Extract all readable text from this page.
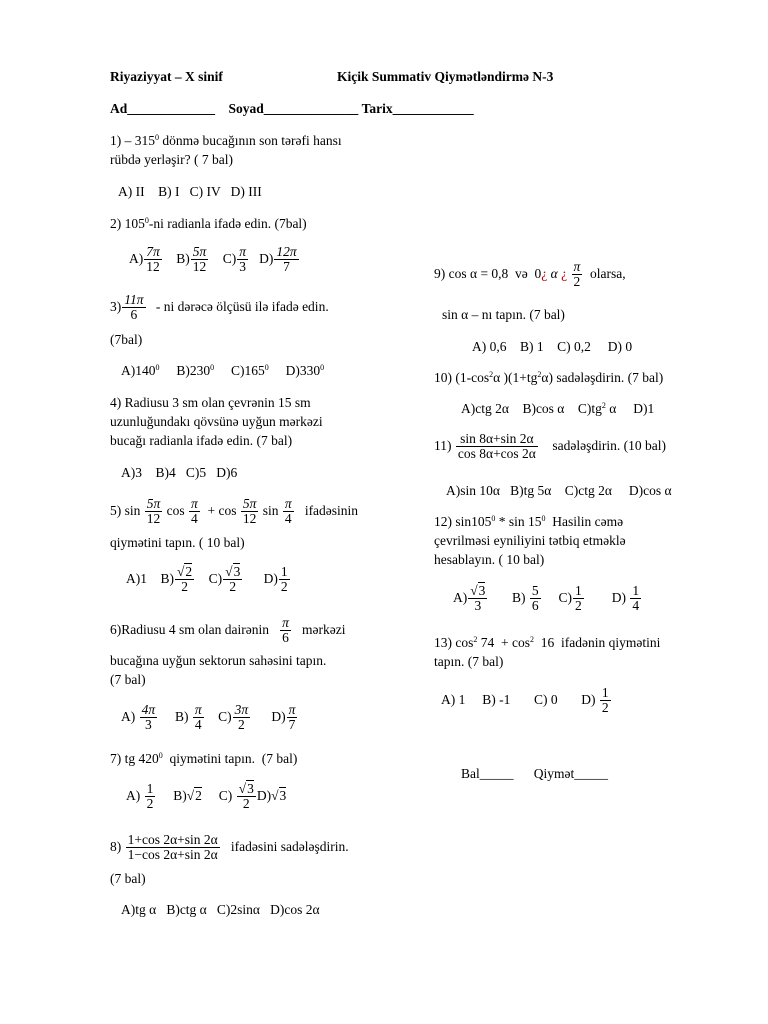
Riyaziyyat – X sinif	Kiçik Summativ Qiymətləndirmə N-3
Ad_____________ Soyad______________ Tarix____________
$1) - 315^0$ dönmə bucağının son tərəfi hansı
rübdə yerləşir? ( 7 bal)
A) II    B) I   C) IV   D) III
2) $105^0-ni$ radianla ifadə edin. (7bal)
$A) \frac{7\pi}{12} B) \frac{5\pi}{12} C) \frac{\pi}{3} D) \frac{12\pi}{7}$
$3) \frac{11\pi}{6}$ - ni dərəcə ölçüsü ilə ifadə edin.
(7bal)
$A)140^0$ $B)230^0$ $C)165^0$ $D)330^0$
4) Radiusu 3 sm olan çevrənin 15 sm
uzunluğundakı qövsünə uyğun mərkəzi
bucağı radianla ifadə edin. (7 bal)
A)3    B)4   C)5   D)6
5) $\sin \frac{5\pi}{12}$ $\cos \frac{\pi}{4} + \cos \frac{5\pi}{12}$ $\sin \frac{\pi}{4}$ ifadəsinin
qiymətini tapın. ( 10 bal)
A)1 $B) \frac{√2}{2} C) \frac{√3}{2} D) \frac{1}{2}$
6)Radiusu 4 sm olan dairənin $\frac{\pi}{6}$ mərkəzi
bucağına uyğun sektorun sahəsini tapın.
(7 bal)
$A) \frac{4\pi}{3} B) \frac{\pi}{4} C) \frac{3\pi}{2} D) \frac{\pi}{7}$
7) tg $420^0$  qiymətini tapın.  (7 bal)
$A) \frac{1}{2} B)√2$ $C) \frac{√3}{2} D)√3$
$8) \frac{1+\cos 2\alpha+\sin 2\alpha}{1-\cos 2\alpha+\sin 2\alpha}$ ifadəsini sadələşdirin.
(7 bal)
A)tg α   B)ctg α   C)2sinα   D)cos 2α
9) cos α = 0,8  və  0¿ α ¿ $\frac{\pi}{2}$ olarsa,
sin α – nı tapın. (7 bal)
A) 0,6    B) 1    C) 0,2     D) 0
10) ($1-\cos^2\alpha$ )$(1+tg^2\alpha)$ sadələşdirin. (7 bal)
A)ctg 2α B)cos α $C)tg^2$ α D)1
$11) \frac{\sin 8\alpha+\sin 2\alpha}{\cos 8\alpha+\cos 2\alpha}$ sadələşdirin. (10 bal)
A)sin 10α   B)tg 5α    C)ctg 2α     D)cos α
12) $\sin 105^0$ * $\sin 15^0$  Hasilin cəmə
çevrilməsi eyniliyini tətbiq etməklə
hesablayın. ( 10 bal)
$A) \frac{√3}{3} B) \frac{5}{6} C) \frac{1}{2} D) \frac{1}{4}$
13) $\cos^2 74 + \cos^2 16$  ifadənin qiymətini
tapın. (7 bal)
A) 1 B) -1 C) 0 $D) \frac{1}{2}$
Bal_____ Qiymət_____
